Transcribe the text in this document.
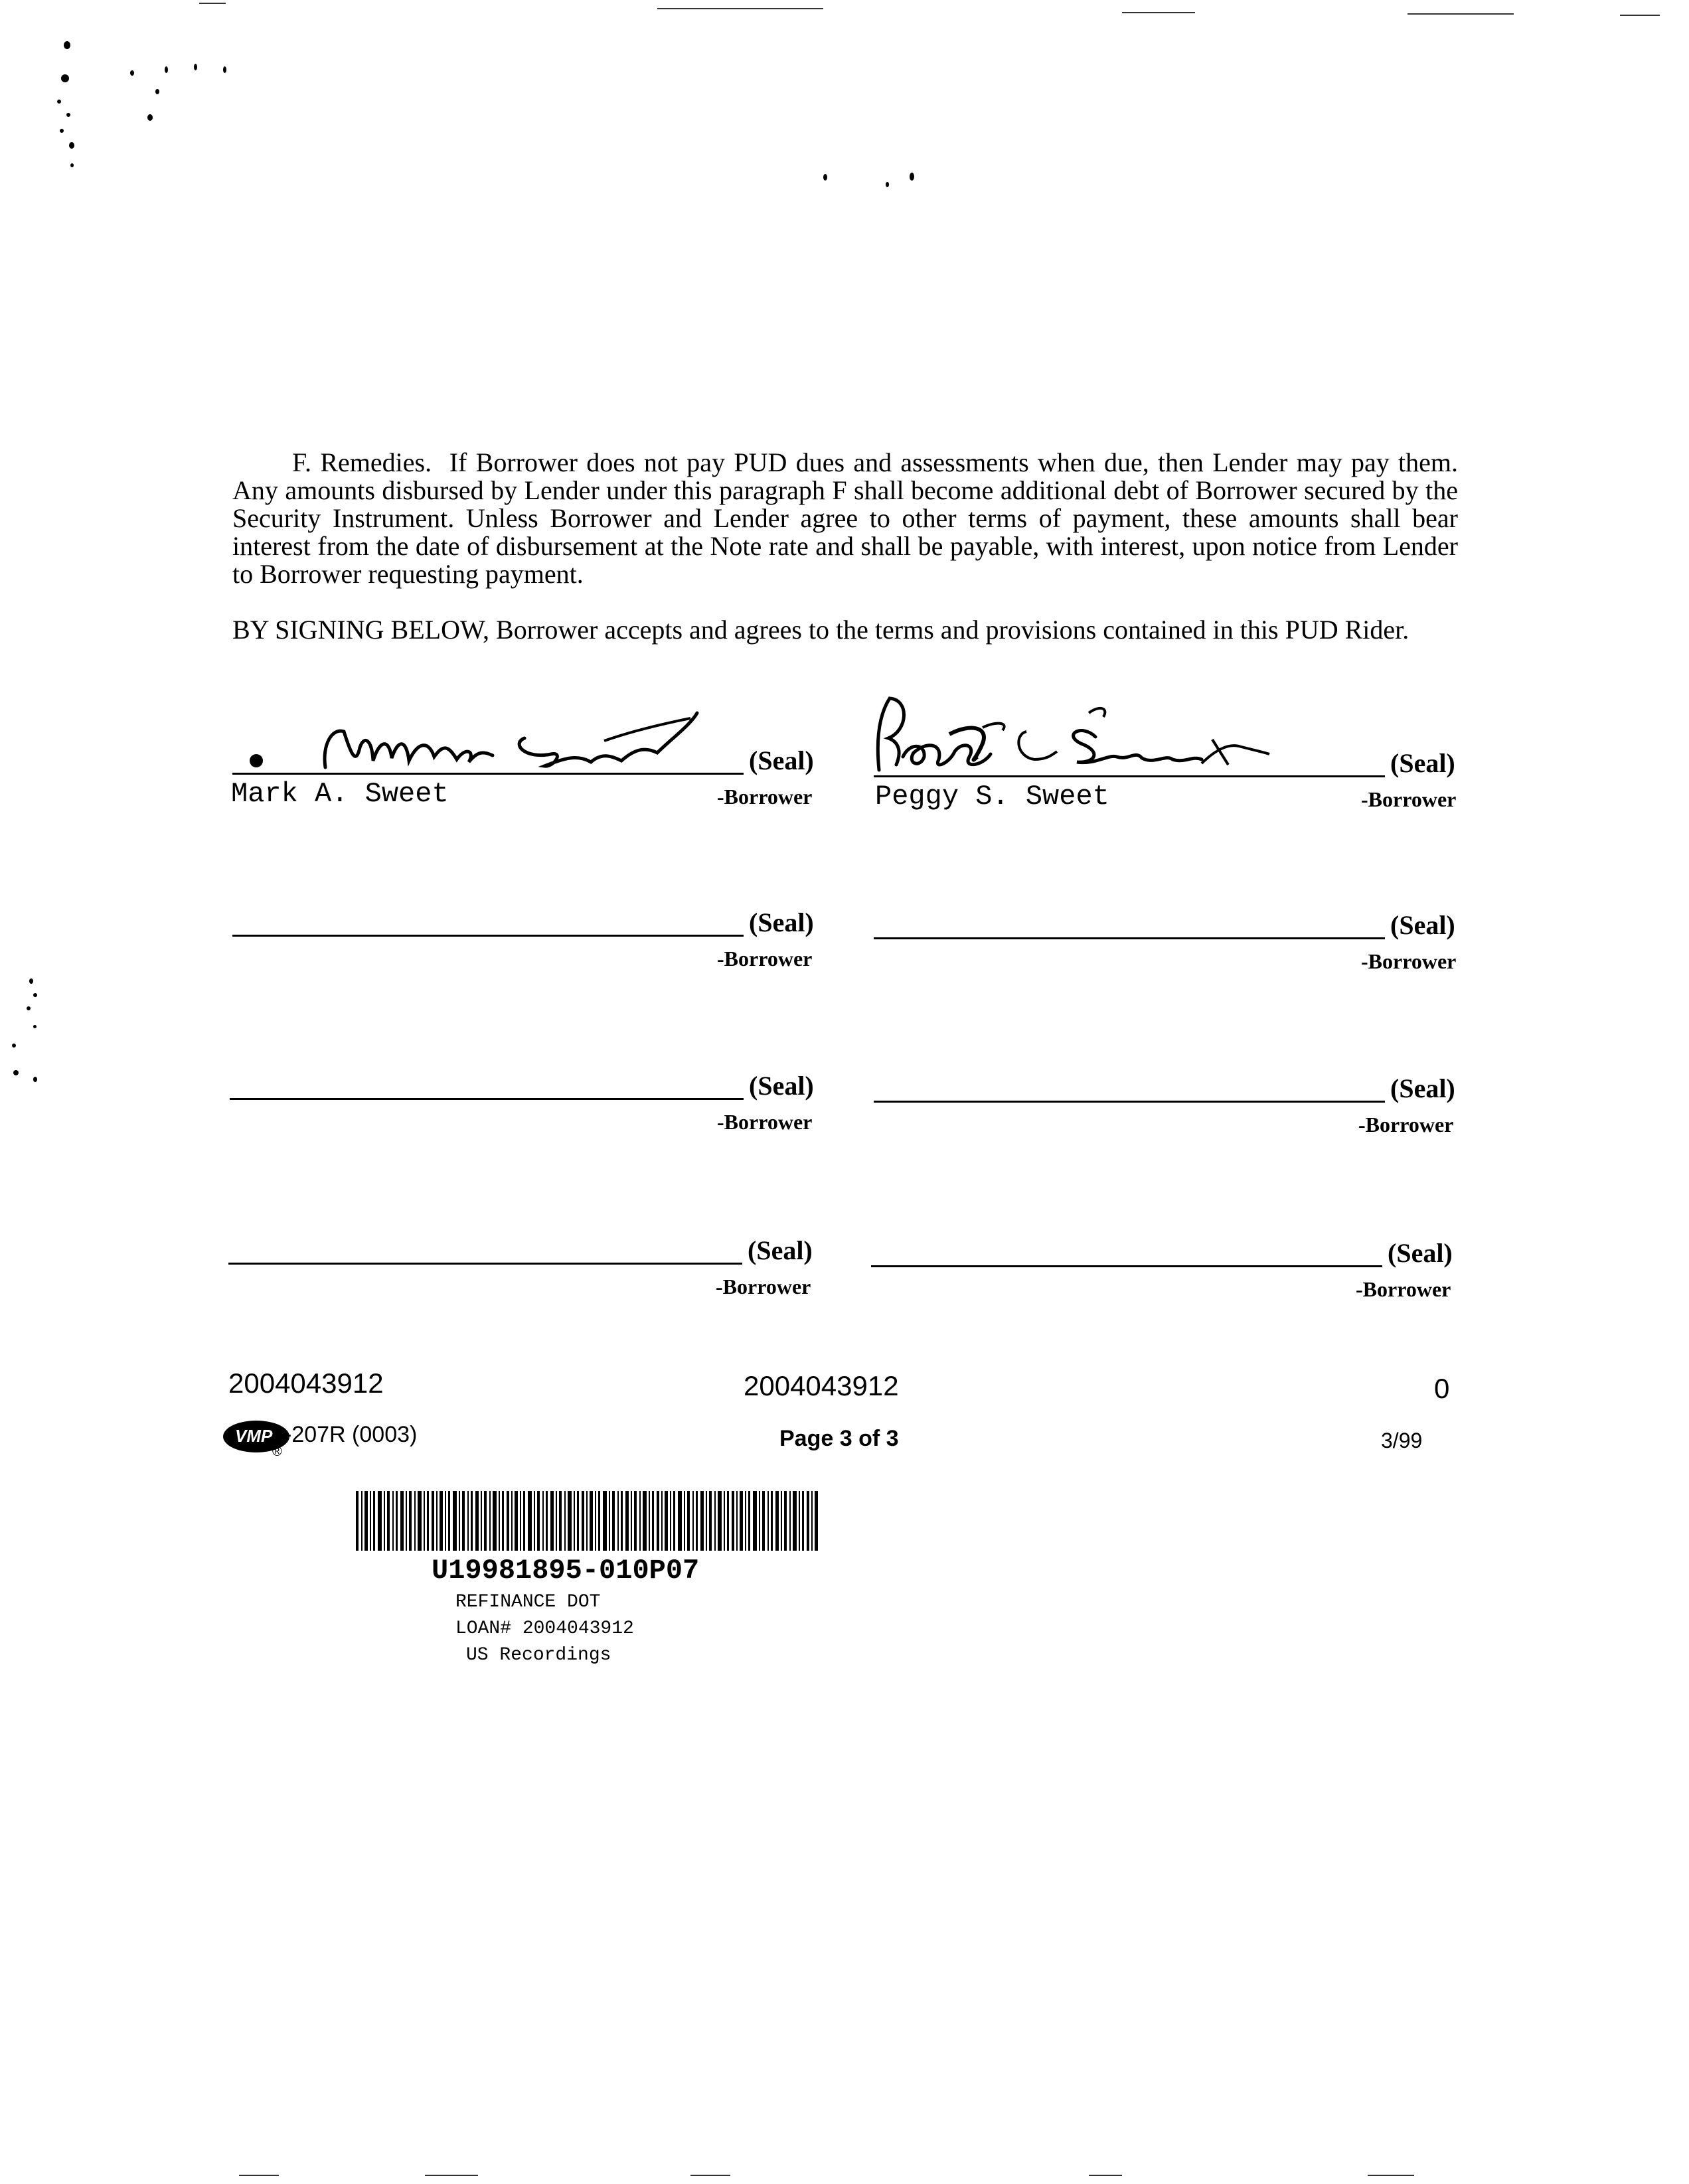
F. Remedies. If Borrower does not pay PUD dues and assessments when due, then Lender may pay them. Any amounts disbursed by Lender under this paragraph F shall become additional debt of Borrower secured by the Security Instrument. Unless Borrower and Lender agree to other terms of payment, these amounts shall bear interest from the date of disbursement at the Note rate and shall be payable, with interest, upon notice from Lender to Borrower requesting payment.
BY SIGNING BELOW, Borrower accepts and agrees to the terms and provisions contained in this PUD Rider.
(Seal)
Mark A. Sweet	-Borrower
(Seal)
Peggy S. Sweet	-Borrower
(Seal)
-Borrower
(Seal)
-Borrower
(Seal)
-Borrower
(Seal)
-Borrower
(Seal)
-Borrower
(Seal)
-Borrower
2004043912	2004043912	0
VMP -207R (0003)
®
Page 3 of 3	3/99
U19981895-010P07
REFINANCE DOT
LOAN# 2004043912
US Recordings
